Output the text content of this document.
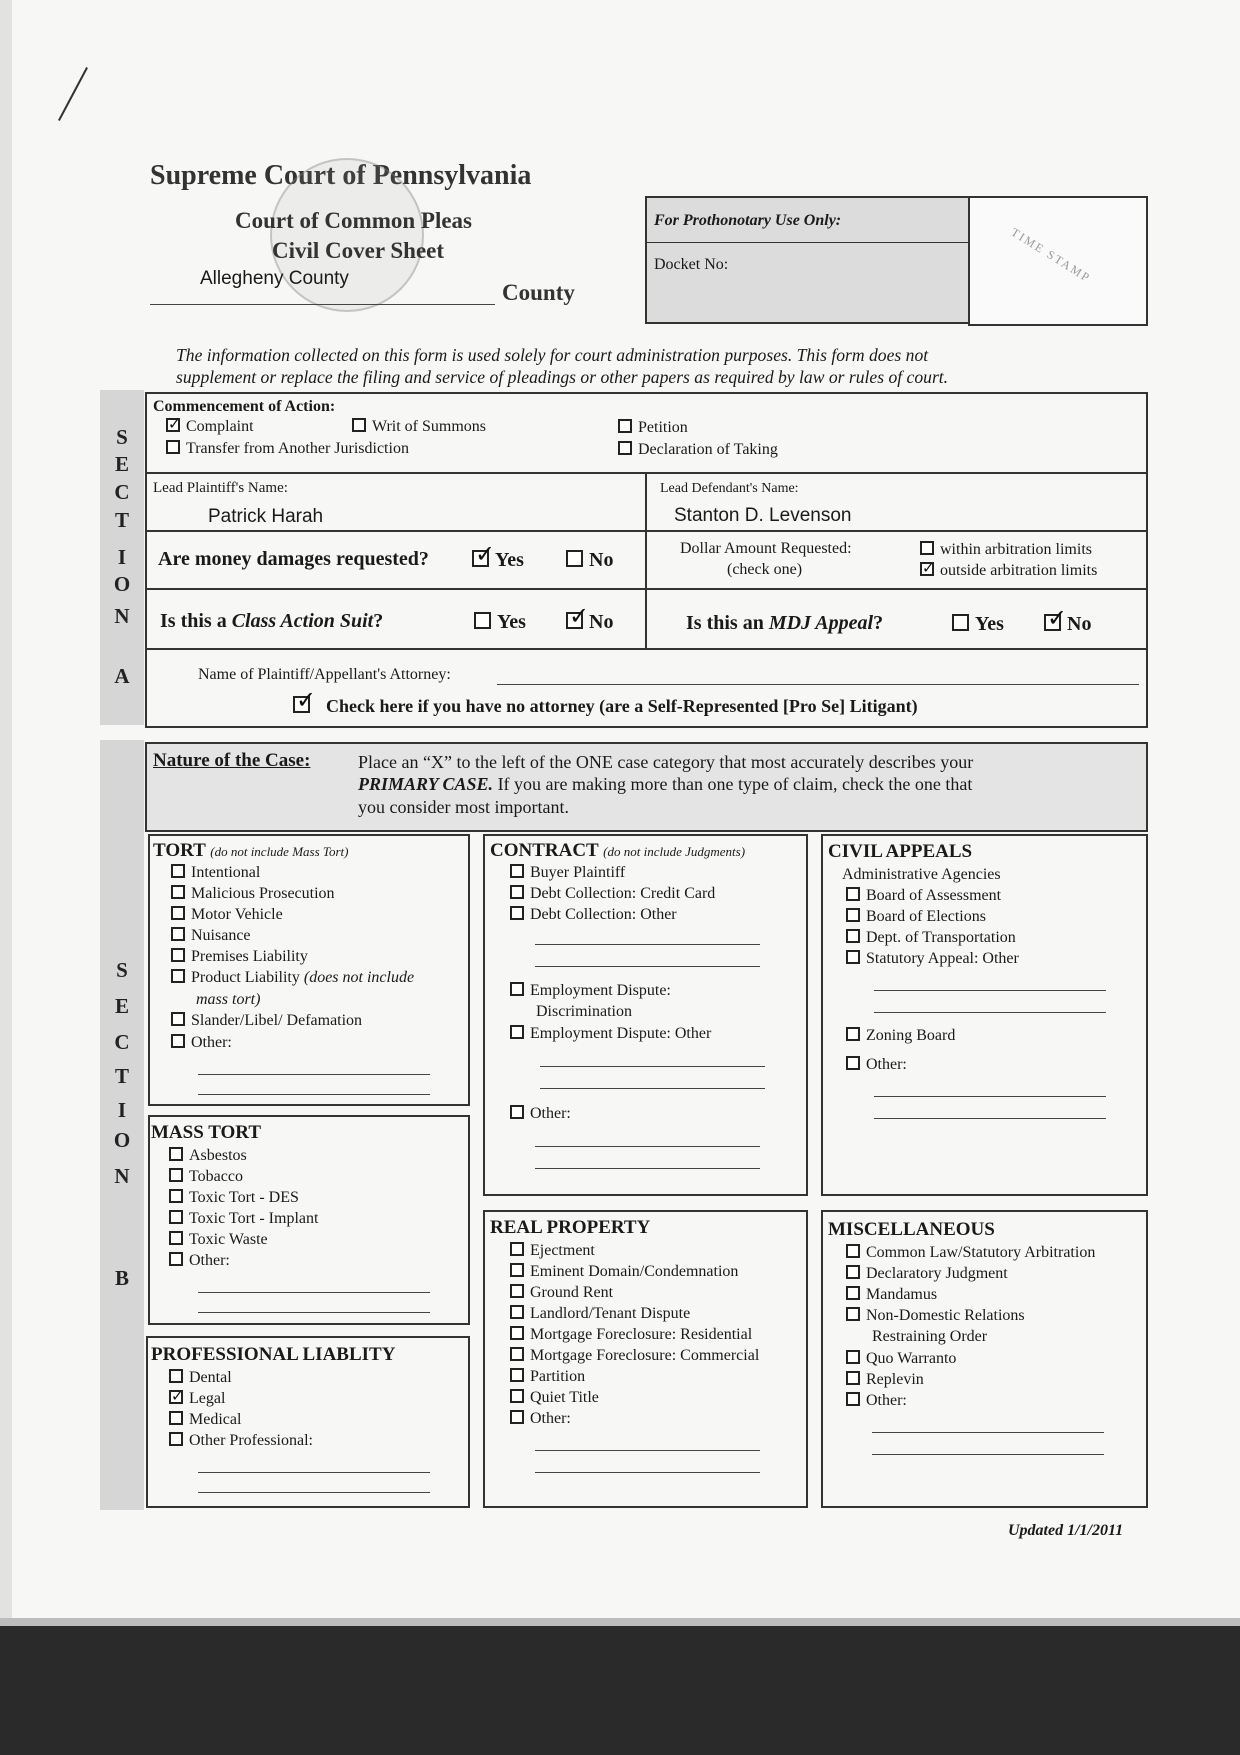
Supreme Court of Pennsylvania
Court of Common Pleas
Civil Cover Sheet
Allegheny County
County
For Prothonotary Use Only:
Docket No:	TIME STAMP
The information collected on this form is used solely for court administration purposes. This form does not
supplement or replace the filing and service of pleadings or other papers as required by law or rules of court.
S
E
C
T
I
O
N
A
Commencement of Action:
✓Complaint	Writ of Summons	Petition
Transfer from Another Jurisdiction	Declaration of Taking
Lead Plaintiff's Name:
Patrick Harah
Lead Defendant's Name:
Stanton D. Levenson
Are money damages requested? ✓	Yes	No
Dollar Amount Requested:
(check one)
within arbitration limits
✓outside arbitration limits
Is this a Class Action Suit?	Yes ✓	No	Is this an MDJ Appeal?	Yes ✓	No
Name of Plaintiff/Appellant's Attorney:
✓Check here if you have no attorney (are a Self-Represented [Pro Se] Litigant)
S
E
C
T
I
O
N
B
Nature of the Case:	Place an “X” to the left of the ONE case category that most accurately describes your
PRIMARY CASE. If you are making more than one type of claim, check the one that
you consider most important.
TORT (do not include Mass Tort)
Intentional
Malicious Prosecution
Motor Vehicle
Nuisance
Premises Liability
Product Liability (does not include
mass tort)
Slander/Libel/ Defamation
Other:
MASS TORT
Asbestos
Tobacco
Toxic Tort - DES
Toxic Tort - Implant
Toxic Waste
Other:
PROFESSIONAL LIABLITY
Dental
✓Legal
Medical
Other Professional:
CONTRACT (do not include Judgments)
Buyer Plaintiff
Debt Collection: Credit Card
Debt Collection: Other
Employment Dispute:
Discrimination
Employment Dispute: Other
Other:
REAL PROPERTY
Ejectment
Eminent Domain/Condemnation
Ground Rent
Landlord/Tenant Dispute
Mortgage Foreclosure: Residential
Mortgage Foreclosure: Commercial
Partition
Quiet Title
Other:
CIVIL APPEALS
Administrative Agencies
Board of Assessment
Board of Elections
Dept. of Transportation
Statutory Appeal: Other
Zoning Board
Other:
MISCELLANEOUS
Common Law/Statutory Arbitration
Declaratory Judgment
Mandamus
Non-Domestic Relations
Restraining Order
Quo Warranto
Replevin
Other:
Updated 1/1/2011
